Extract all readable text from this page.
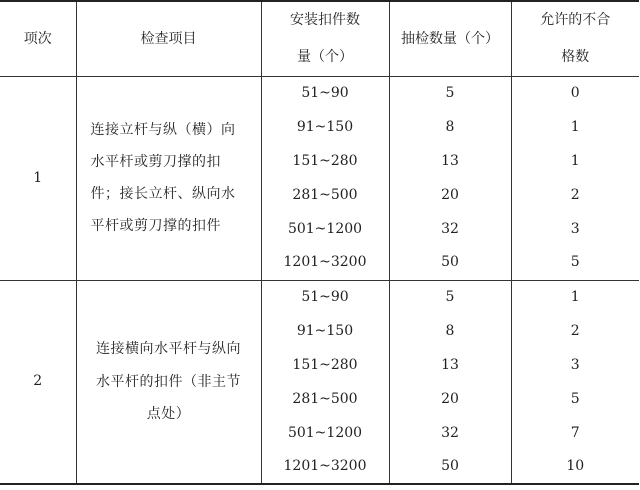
项次	检查项目	安装扣件数量（个）	抽检数量（个）	允许的不合格数
1	连接立杆与纵（横）向水平杆或剪刀撑的扣件；接长立杆、纵向水平杆或剪刀撑的扣件	51~90	5	0
		91~150	8	1
		151~280	13	1
		281~500	20	2
		501~1200	32	3
		1201~3200	50	5
2	连接横向水平杆与纵向水平杆的扣件（非主节点处）	51~90	5	1
		91~150	8	2
		151~280	13	3
		281~500	20	5
		501~1200	32	7
		1201~3200	50	10
